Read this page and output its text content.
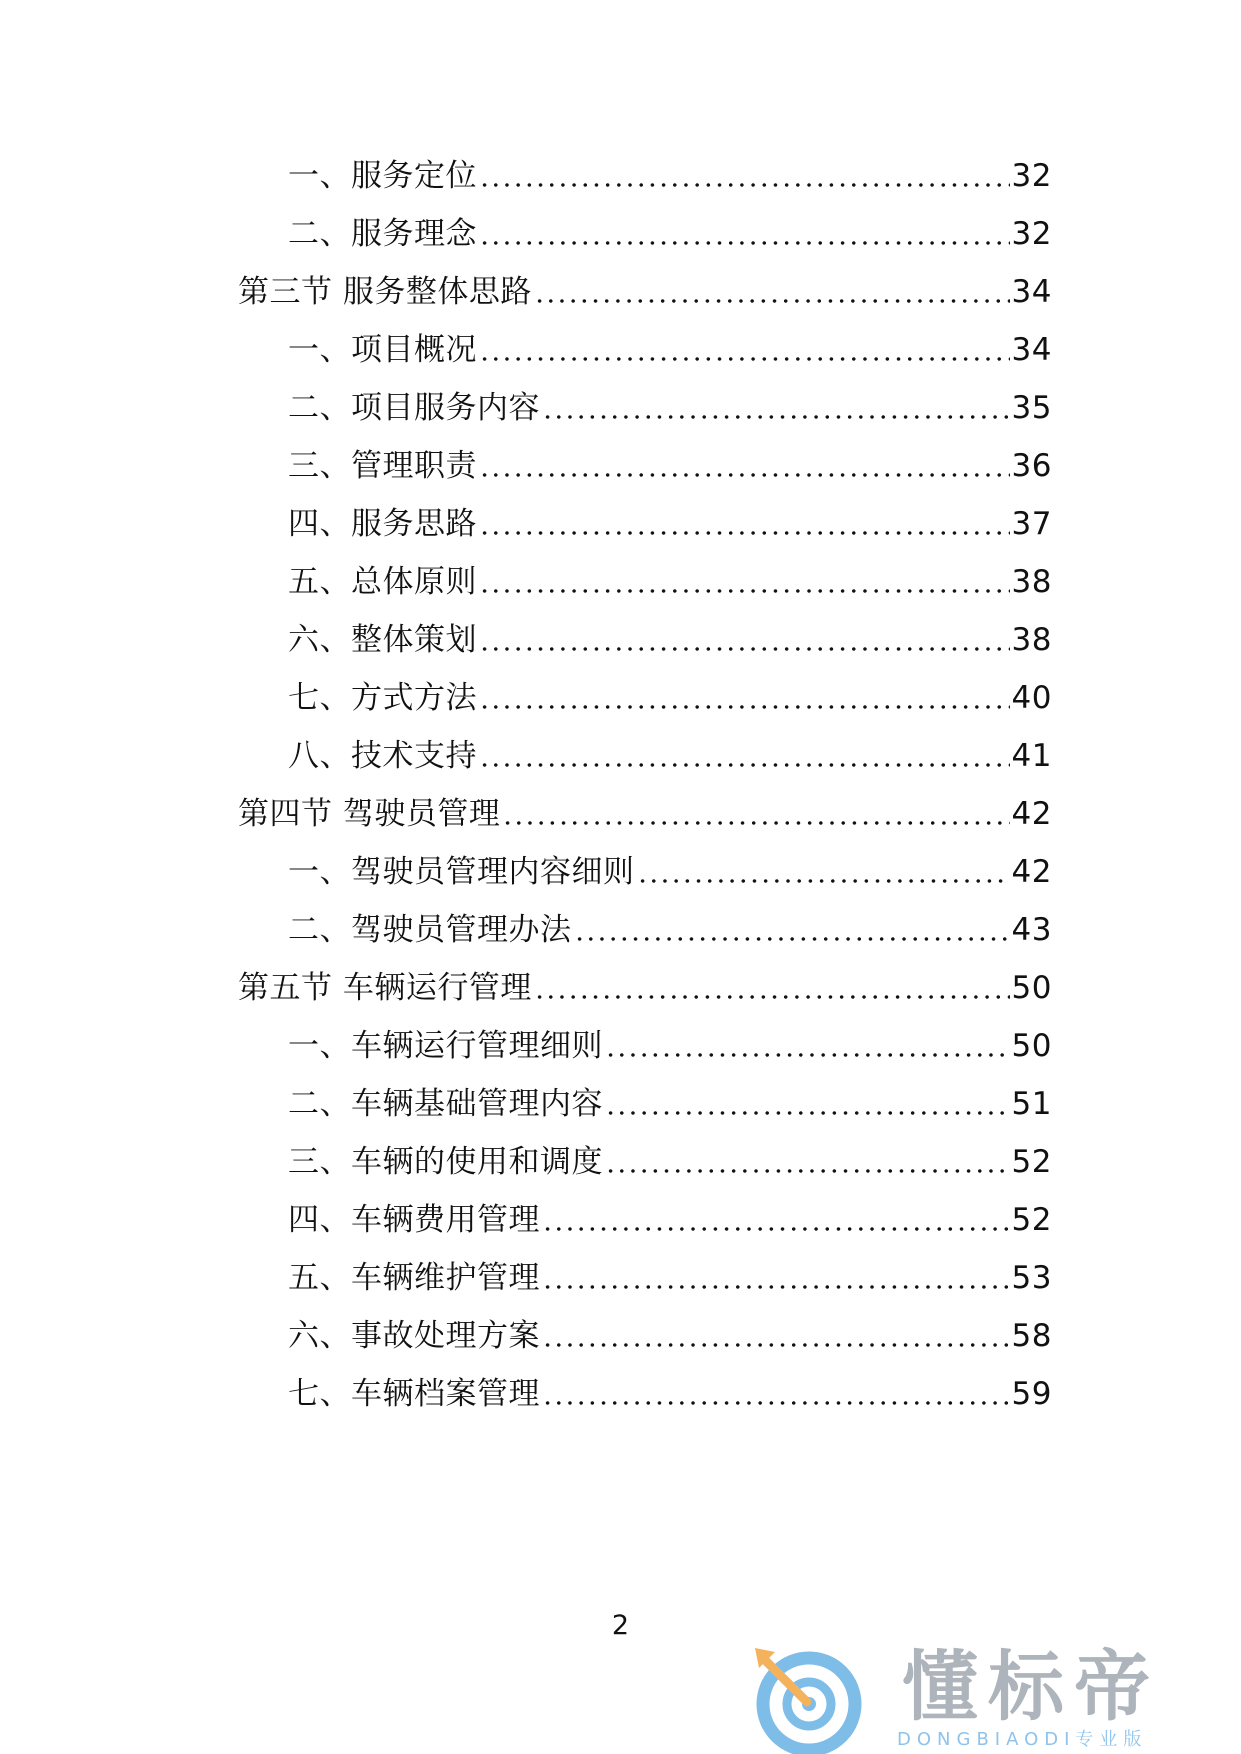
一、服务定位	32
二、服务理念	32
第三节 服务整体思路	34
一、项目概况	34
二、项目服务内容	35
三、管理职责	36
四、服务思路	37
五、总体原则	38
六、整体策划	38
七、方式方法	40
八、技术支持	41
第四节 驾驶员管理	42
一、驾驶员管理内容细则	42
二、驾驶员管理办法	43
第五节 车辆运行管理	50
一、车辆运行管理细则	50
二、车辆基础管理内容	51
三、车辆的使用和调度	52
四、车辆费用管理	52
五、车辆维护管理	53
六、事故处理方案	58
七、车辆档案管理	59
2
懂标帝
DONGBIAODI专业版
